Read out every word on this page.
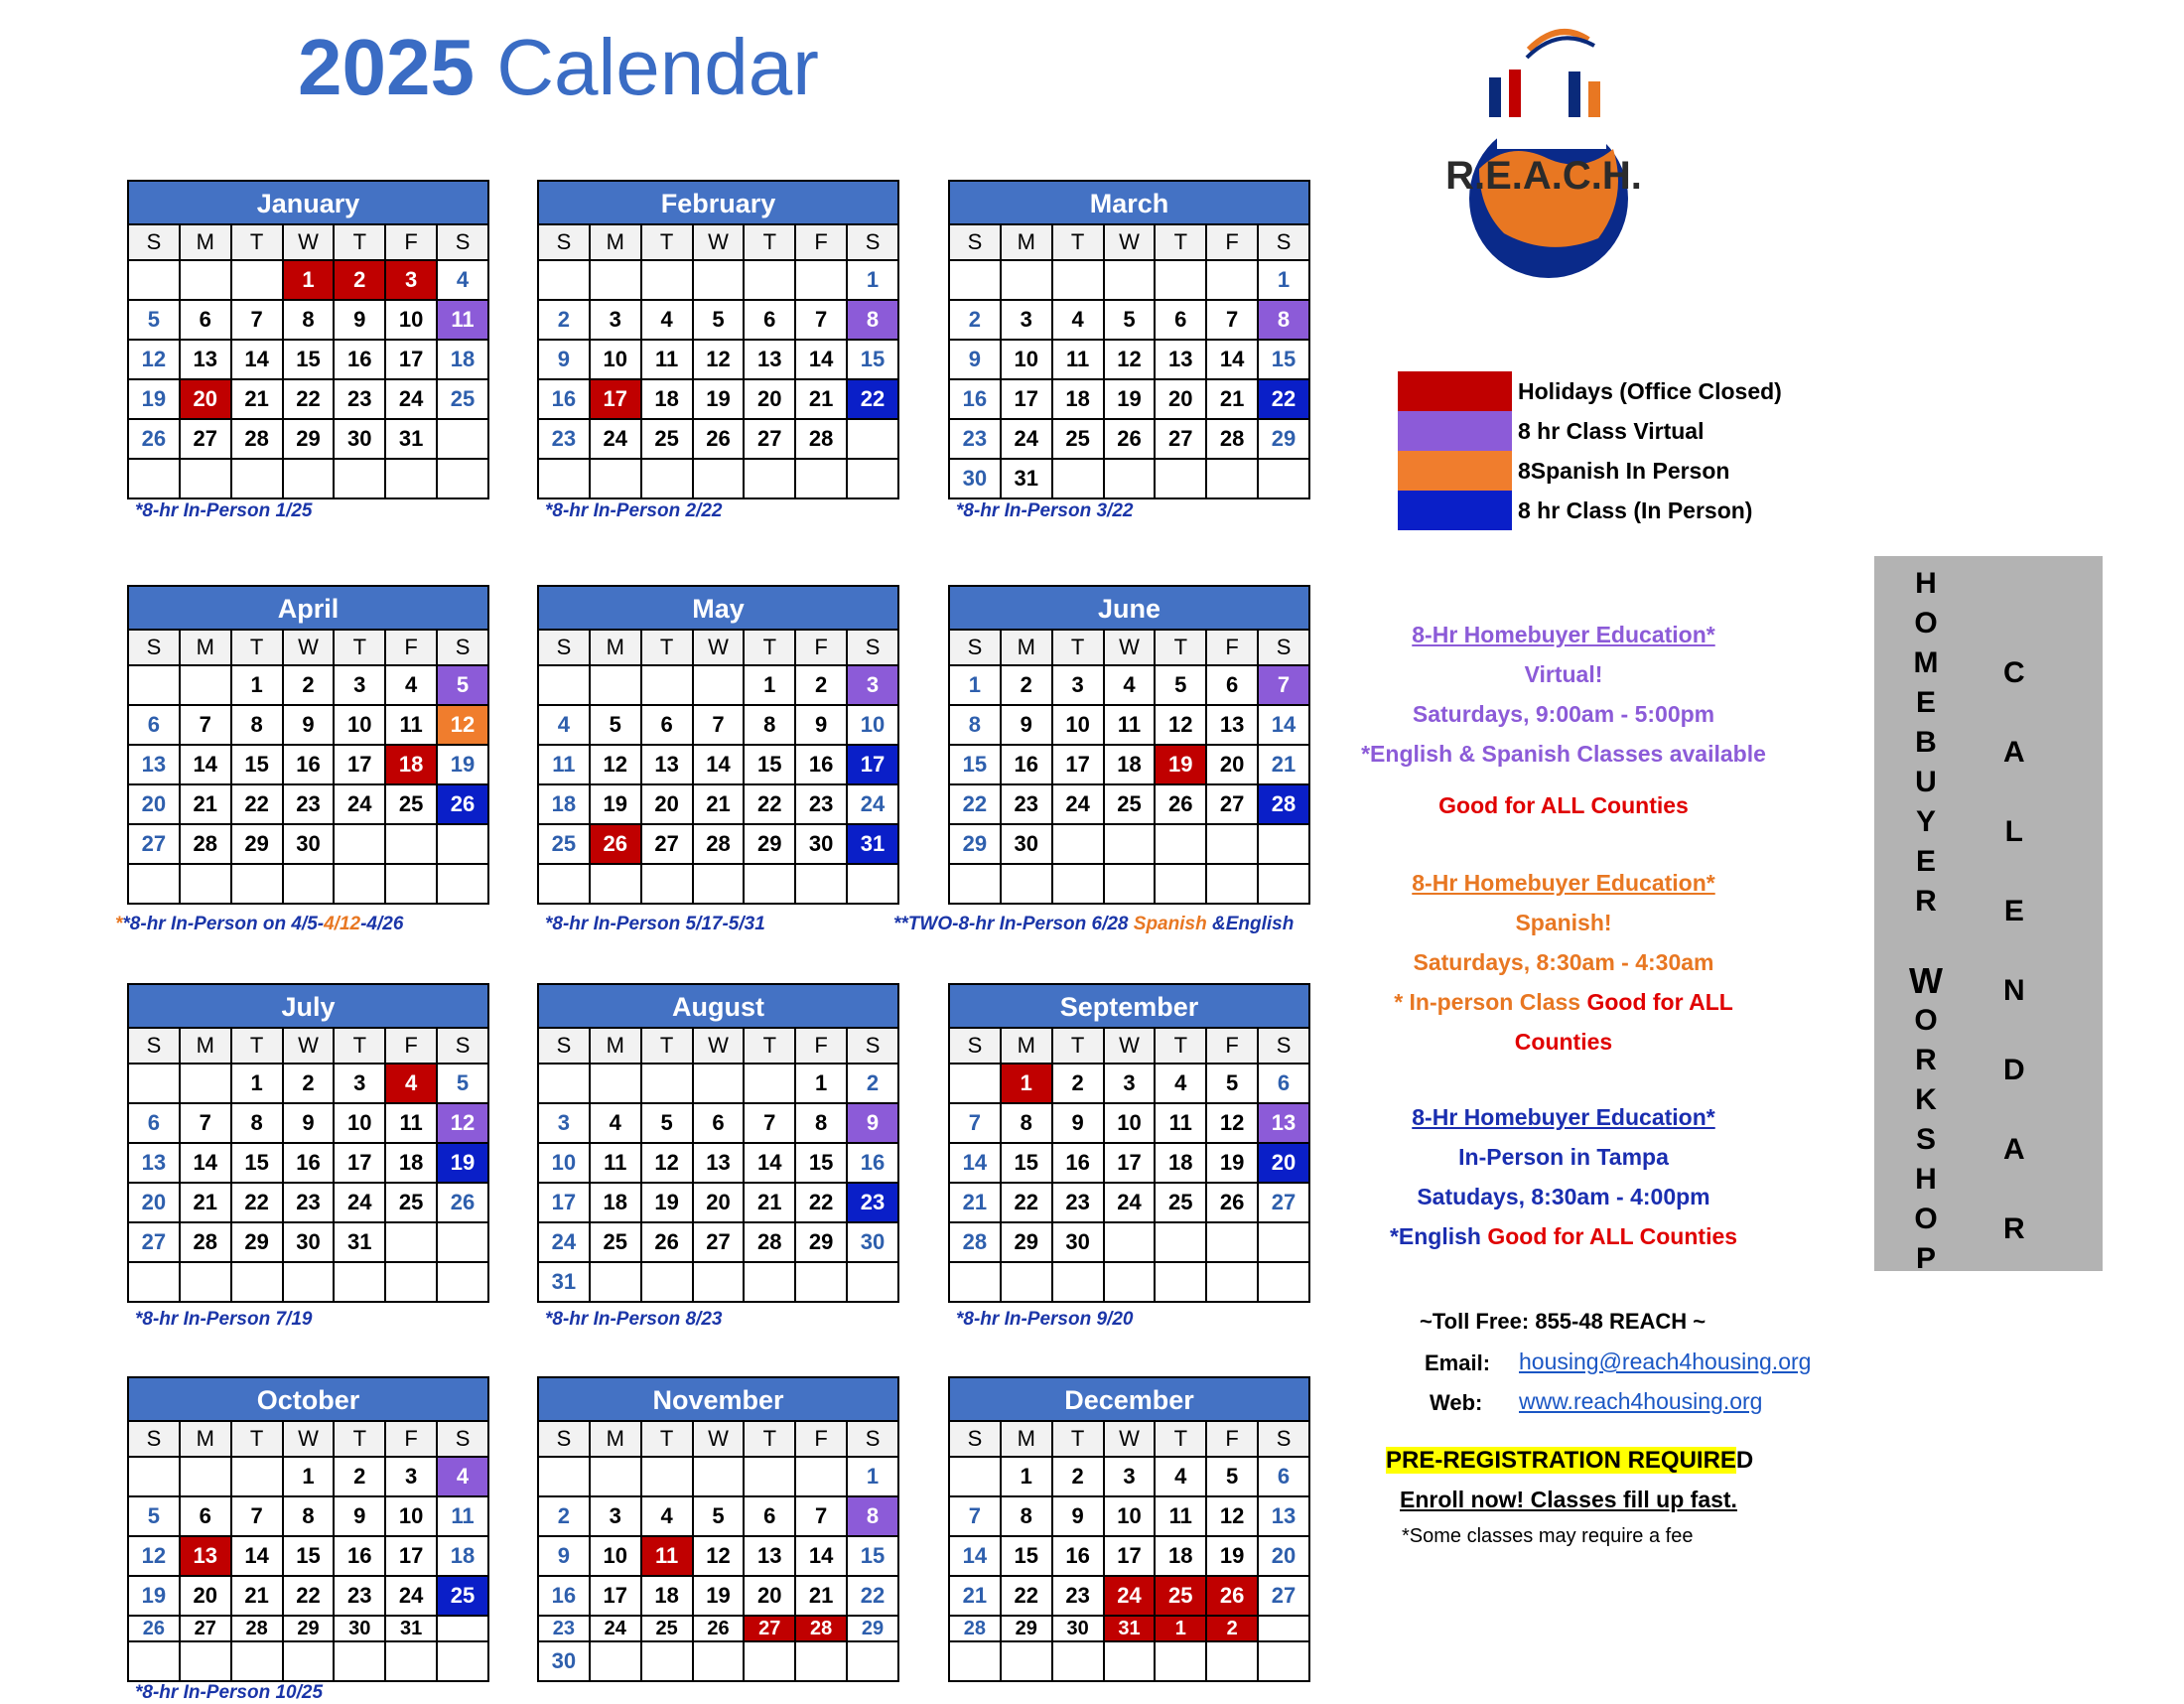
2025 Calendar
R.E.A.C.H.
January
S	M	T	W	T	F	S
			1	2	3	4
5	6	7	8	9	10	11
12	13	14	15	16	17	18
19	20	21	22	23	24	25
26	27	28	29	30	31	

*8-hr In-Person 1/25
February
S	M	T	W	T	F	S
						1
2	3	4	5	6	7	8
9	10	11	12	13	14	15
16	17	18	19	20	21	22
23	24	25	26	27	28	

*8-hr In-Person 2/22
March
S	M	T	W	T	F	S
						1
2	3	4	5	6	7	8
9	10	11	12	13	14	15
16	17	18	19	20	21	22
23	24	25	26	27	28	29
30	31					
*8-hr In-Person 3/22
April
S	M	T	W	T	F	S
		1	2	3	4	5
6	7	8	9	10	11	12
13	14	15	16	17	18	19
20	21	22	23	24	25	26
27	28	29	30			

**8-hr In-Person on 4/5-4/12-4/26
May
S	M	T	W	T	F	S
				1	2	3
4	5	6	7	8	9	10
11	12	13	14	15	16	17
18	19	20	21	22	23	24
25	26	27	28	29	30	31

*8-hr In-Person 5/17-5/31
June
S	M	T	W	T	F	S
1	2	3	4	5	6	7
8	9	10	11	12	13	14
15	16	17	18	19	20	21
22	23	24	25	26	27	28
29	30					

**TWO-8-hr In-Person 6/28 Spanish &English
July
S	M	T	W	T	F	S
		1	2	3	4	5
6	7	8	9	10	11	12
13	14	15	16	17	18	19
20	21	22	23	24	25	26
27	28	29	30	31		

*8-hr In-Person 7/19
August
S	M	T	W	T	F	S
					1	2
3	4	5	6	7	8	9
10	11	12	13	14	15	16
17	18	19	20	21	22	23
24	25	26	27	28	29	30
31						
*8-hr In-Person 8/23
September
S	M	T	W	T	F	S
	1	2	3	4	5	6
7	8	9	10	11	12	13
14	15	16	17	18	19	20
21	22	23	24	25	26	27
28	29	30				

*8-hr In-Person 9/20
October
S	M	T	W	T	F	S
			1	2	3	4
5	6	7	8	9	10	11
12	13	14	15	16	17	18
19	20	21	22	23	24	25
26	27	28	29	30	31	

*8-hr In-Person 10/25
November
S	M	T	W	T	F	S
						1
2	3	4	5	6	7	8
9	10	11	12	13	14	15
16	17	18	19	20	21	22
23	24	25	26	27	28	29
30						
December
S	M	T	W	T	F	S
	1	2	3	4	5	6
7	8	9	10	11	12	13
14	15	16	17	18	19	20
21	22	23	24	25	26	27
28	29	30	31	1	2	

Holidays (Office Closed)
8 hr Class Virtual
8Spanish In Person
8 hr Class (In Person)
8-Hr Homebuyer Education*
Virtual!
Saturdays, 9:00am - 5:00pm
*English & Spanish Classes available
Good for ALL Counties
8-Hr Homebuyer Education*
Spanish!
Saturdays, 8:30am - 4:30am
* In-person Class Good for ALL
Counties
8-Hr Homebuyer Education*
In-Person in Tampa
Satudays, 8:30am - 4:00pm
*English Good for ALL Counties
H
O
M
E
B
U
Y
E
R
W
O
R
K
S
H
O
P
C
A
L
E
N
D
A
R
~Toll Free: 855-48 REACH ~
Email: housing@reach4housing.org
Web: www.reach4housing.org
PRE-REGISTRATION REQUIRED
Enroll now! Classes fill up fast.
*Some classes may require a fee
